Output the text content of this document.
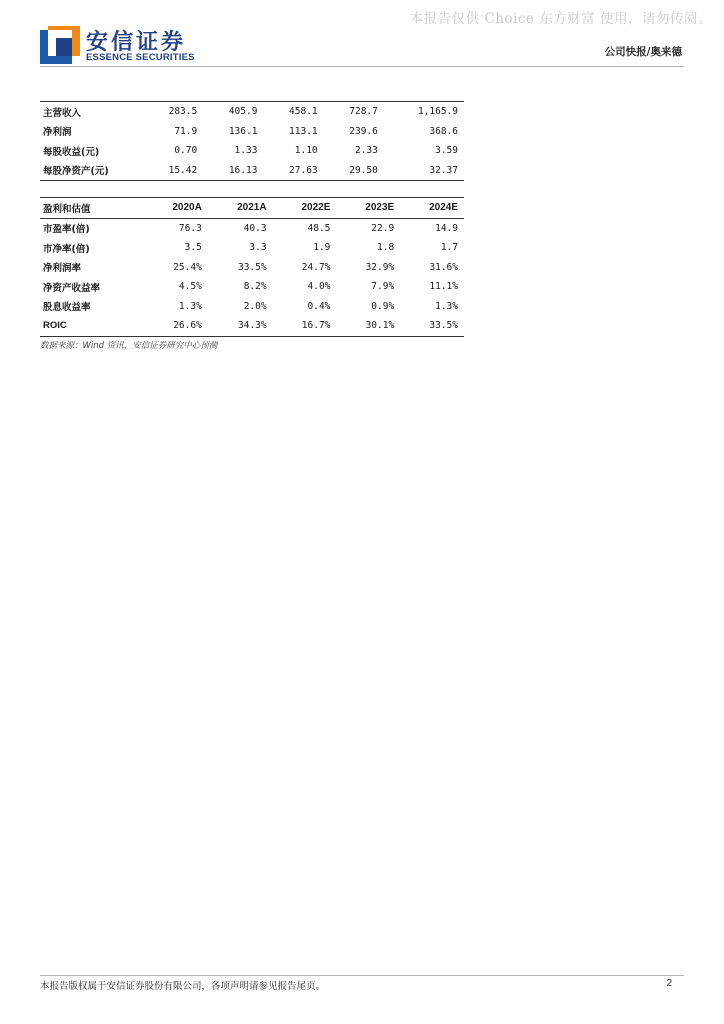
本报告仅供 Choice 东方财富 使用，请勿传阅。
安信证券
ESSENCE SECURITIES	公司快报/奥来德
主营收入	283.5	405.9	458.1	728.7	1,165.9
净利润	71.9	136.1	113.1	239.6	368.6
每股收益(元)	0.70	1.33	1.10	2.33	3.59
每股净资产(元)	15.42	16.13	27.63	29.50	32.37
盈利和估值	2020A	2021A	2022E	2023E	2024E
市盈率(倍)	76.3	40.3	48.5	22.9	14.9
市净率(倍)	3.5	3.3	1.9	1.8	1.7
净利润率	25.4%	33.5%	24.7%	32.9%	31.6%
净资产收益率	4.5%	8.2%	4.0%	7.9%	11.1%
股息收益率	1.3%	2.0%	0.4%	0.9%	1.3%
ROIC	26.6%	34.3%	16.7%	30.1%	33.5%
数据来源：Wind 资讯，安信证券研究中心预测
本报告版权属于安信证券股份有限公司，各项声明请参见报告尾页。	2
